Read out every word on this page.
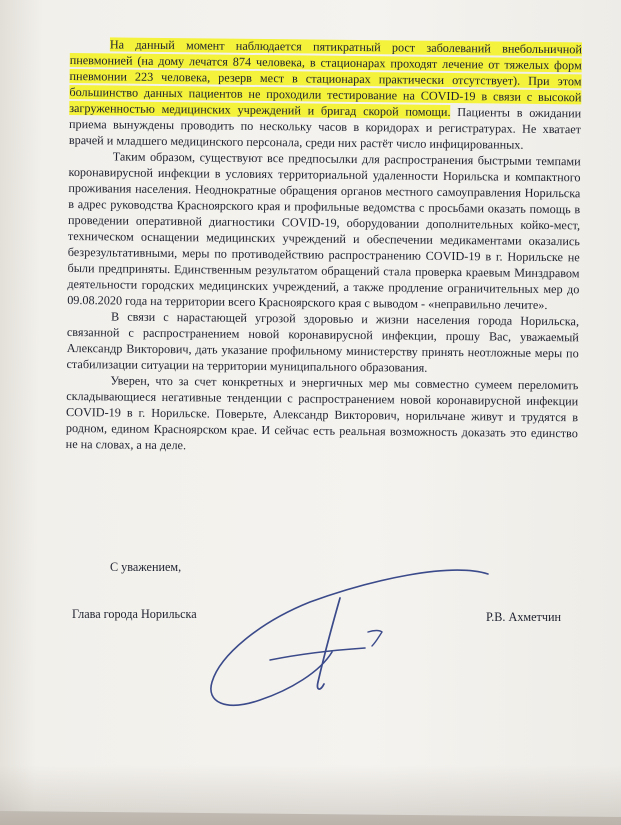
На данный момент наблюдается пятикратный рост заболеваний внебольничной пневмонией (на дому лечатся 874 человека, в стационарах проходят лечение от тяжелых форм пневмонии 223 человека, резерв мест в стационарах практически отсутствует). При этом большинство данных пациентов не проходили тестирование на COVID-19 в связи с высокой загруженностью медицинских учреждений и бригад скорой помощи. Пациенты в ожидании приема вынуждены проводить по нескольку часов в коридорах и регистратурах. Не хватает врачей и младшего медицинского персонала, среди них растёт число инфицированных.

Таким образом, существуют все предпосылки для распространения быстрыми темпами коронавирусной инфекции в условиях территориальной удаленности Норильска и компактного проживания населения. Неоднократные обращения органов местного самоуправления Норильска в адрес руководства Красноярского края и профильные ведомства с просьбами оказать помощь в проведении оперативной диагностики COVID-19, оборудовании дополнительных койко-мест, техническом оснащении медицинских учреждений и обеспечении медикаментами оказались безрезультативными, меры по противодействию распространению COVID-19 в г. Норильске не были предприняты. Единственным результатом обращений стала проверка краевым Минздравом деятельности городских медицинских учреждений, а также продление ограничительных мер до 09.08.2020 года на территории всего Красноярского края с выводом - «неправильно лечите».

В связи с нарастающей угрозой здоровью и жизни населения города Норильска, связанной с распространением новой коронавирусной инфекции, прошу Вас, уважаемый Александр Викторович, дать указание профильному министерству принять неотложные меры по стабилизации ситуации на территории муниципального образования.

Уверен, что за счет конкретных и энергичных мер мы совместно сумеем переломить складывающиеся негативные тенденции с распространением новой коронавирусной инфекции COVID-19 в г. Норильске. Поверьте, Александр Викторович, норильчане живут и трудятся в родном, едином Красноярском крае. И сейчас есть реальная возможность доказать это единство не на словах, а на деле.

С уважением,
Глава города Норильска	Р.В. Ахметчин
